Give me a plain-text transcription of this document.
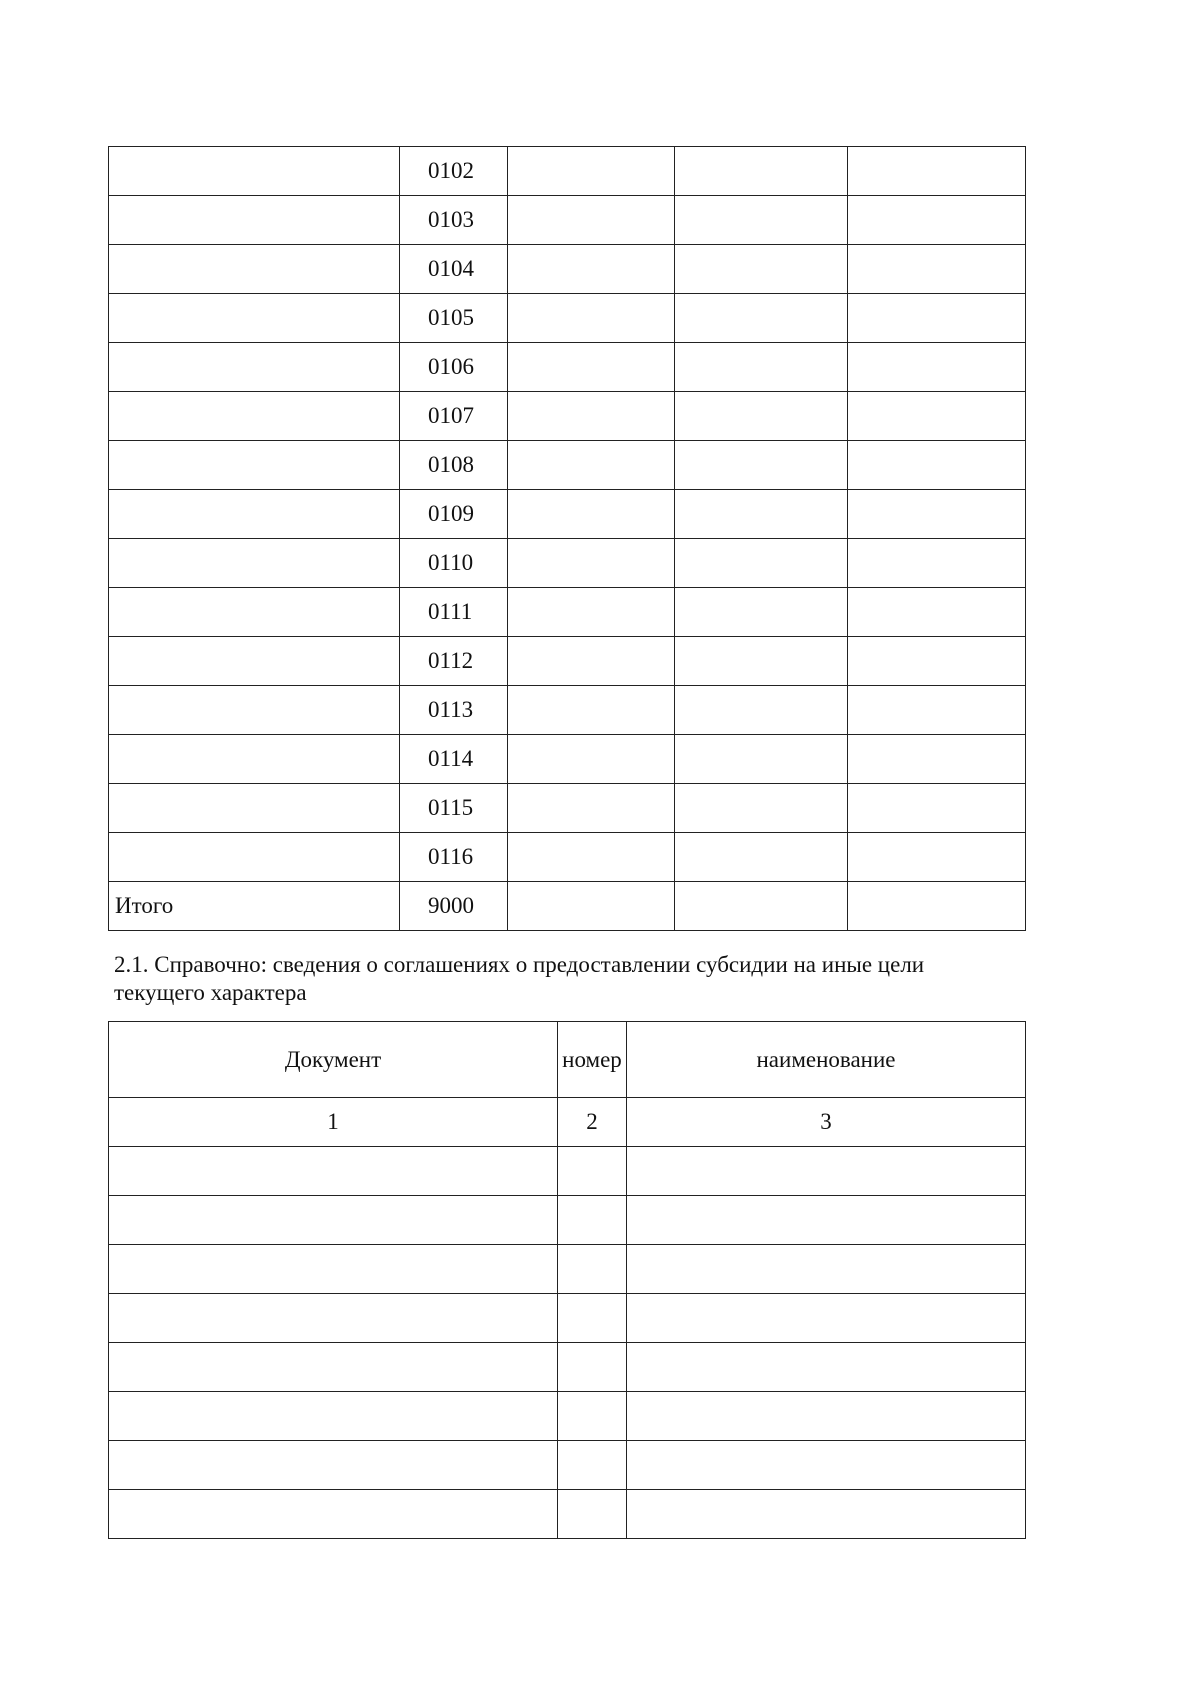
	0102			
	0103			
	0104			
	0105			
	0106			
	0107			
	0108			
	0109			
	0110			
	0111			
	0112			
	0113			
	0114			
	0115			
	0116			
Итого	9000			

2.1. Справочно: сведения о соглашениях о предоставлении субсидии на иные цели текущего характера

Документ	номер	наименование
1	2	3
